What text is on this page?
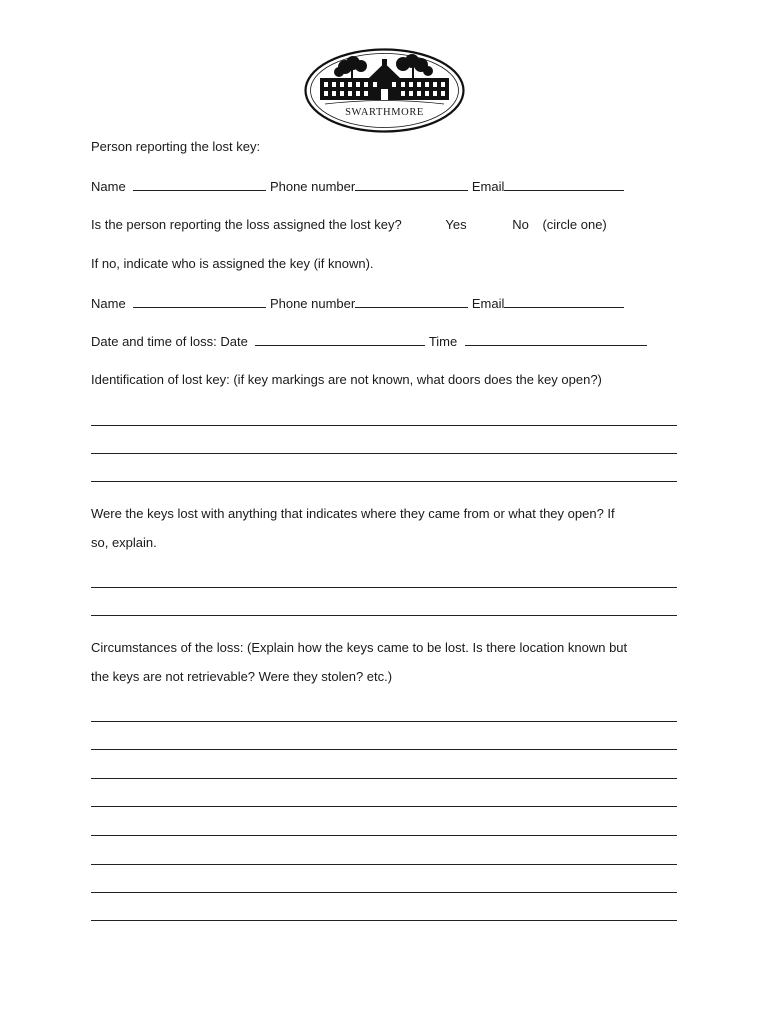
SWARTHMORE
Person reporting the lost key:
Name	Phone number	Email
Is the person reporting the loss assigned the lost key?	Yes	No (circle one)
If no, indicate who is assigned the key (if known).
Name	Phone number	Email
Date and time of loss: Date	Time
Identification of lost key: (if key markings are not known, what doors does the key open?)
Were the keys lost with anything that indicates where they came from or what they open? If
so, explain.
Circumstances of the loss: (Explain how the keys came to be lost. Is there location known but
the keys are not retrievable? Were they stolen? etc.)
